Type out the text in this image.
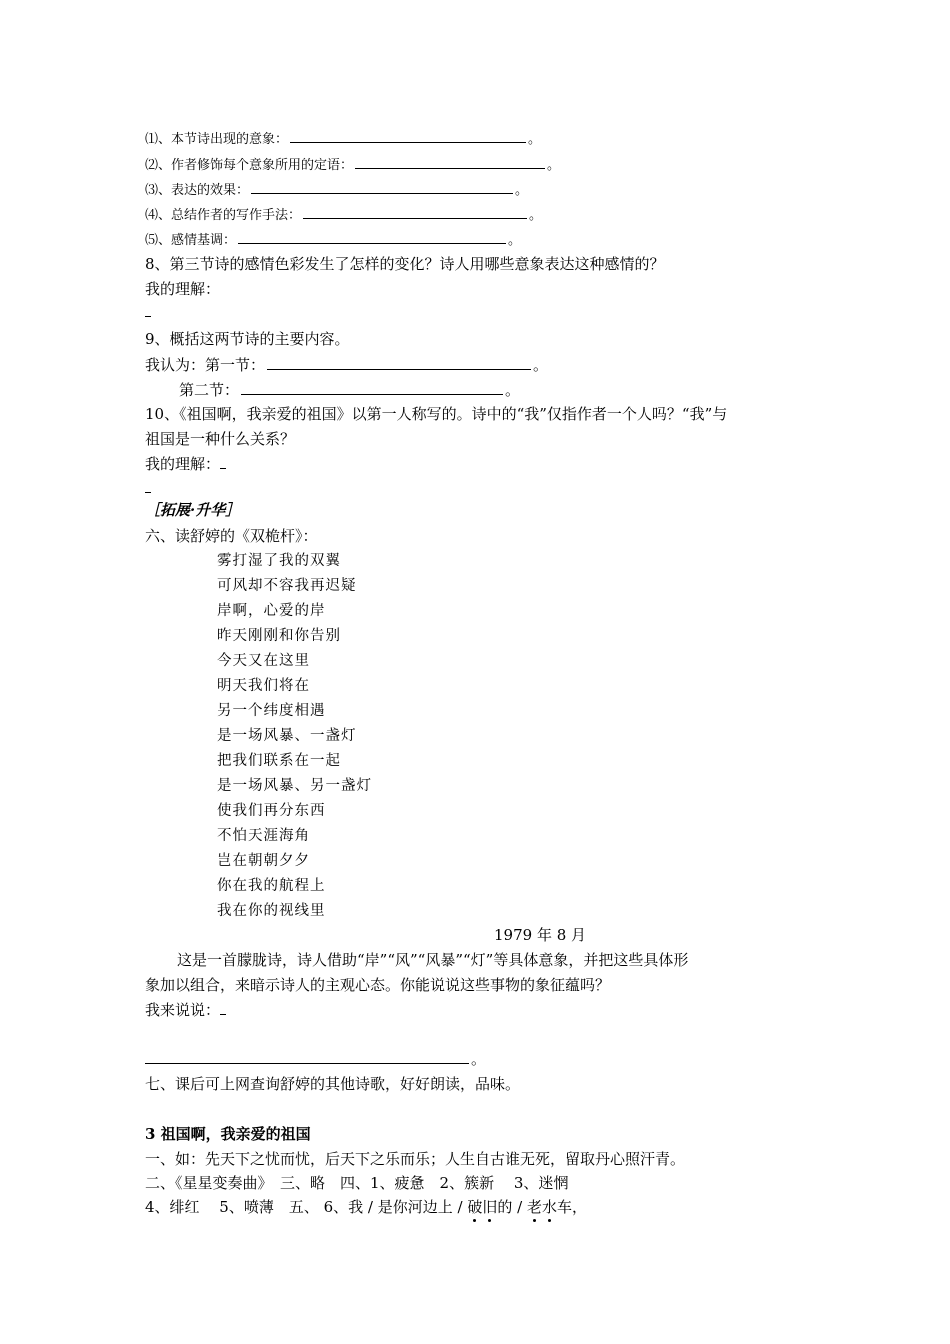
⑴、本节诗出现的意象：	。
⑵、作者修饰每个意象所用的定语：	。
⑶、表达的效果：	。
⑷、总结作者的写作手法：	。
⑸、感情基调：	。
8、第三节诗的感情色彩发生了怎样的变化？诗人用哪些意象表达这种感情的？
我的理解：
9、概括这两节诗的主要内容。
我认为：第一节：	。
第二节：	。
10、《祖国啊，我亲爱的祖国》以第一人称写的。诗中的“我”仅指作者一个人吗？“我”与
祖国是一种什么关系？
我的理解：
［拓展·升华］
六、读舒婷的《双桅杆》：
雾打湿了我的双翼
可风却不容我再迟疑
岸啊，心爱的岸
昨天刚刚和你告别
今天又在这里
明天我们将在
另一个纬度相遇
是一场风暴、一盏灯
把我们联系在一起
是一场风暴、另一盏灯
使我们再分东西
不怕天涯海角
岂在朝朝夕夕
你在我的航程上
我在你的视线里
1979 年 8 月
这是一首朦胧诗，诗人借助“岸”“风”“风暴”“灯”等具体意象，并把这些具体形
象加以组合，来暗示诗人的主观心态。你能说说这些事物的象征蕴吗？
我来说说：
。
七、课后可上网查询舒婷的其他诗歌，好好朗读，品味。
3 祖国啊，我亲爱的祖国
一、如：先天下之忧而忧，后天下之乐而乐；人生自古谁无死，留取丹心照汗青。
二、《星星变奏曲》　三、略　四、1、疲惫　2、簇新　 3、迷惘
4、绯红　 5、喷薄　五、 6、我 / 是你河边上 / 破旧的 / 老水车，
